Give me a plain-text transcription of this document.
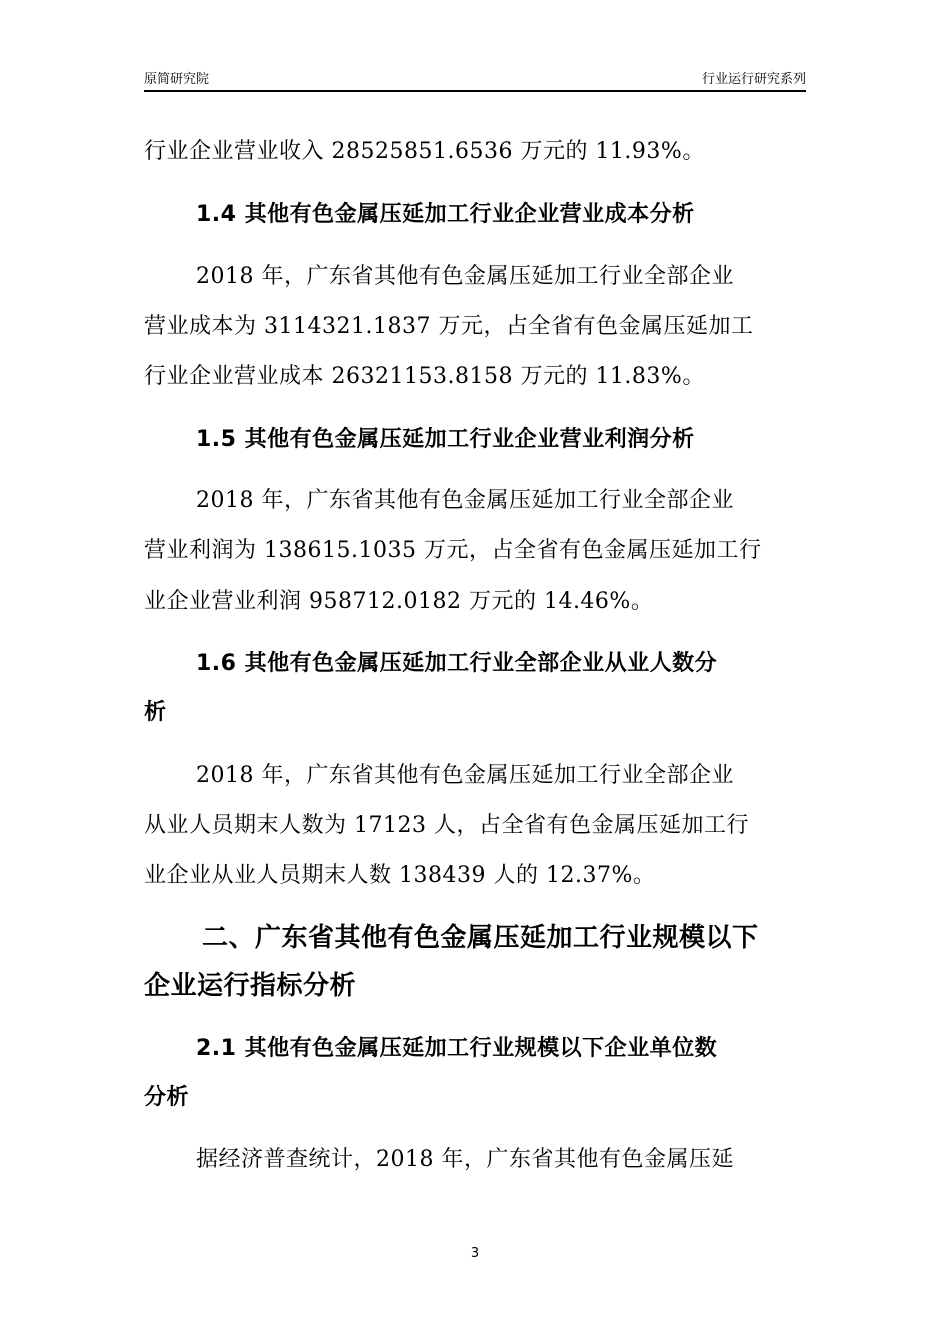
原简研究院	行业运行研究系列
行业企业营业收入 28525851.6536 万元的 11.93%。
1.4 其他有色金属压延加工行业企业营业成本分析
2018 年，广东省其他有色金属压延加工行业全部企业
营业成本为 3114321.1837 万元，占全省有色金属压延加工
行业企业营业成本 26321153.8158 万元的 11.83%。
1.5 其他有色金属压延加工行业企业营业利润分析
2018 年，广东省其他有色金属压延加工行业全部企业
营业利润为 138615.1035 万元，占全省有色金属压延加工行
业企业营业利润 958712.0182 万元的 14.46%。
1.6 其他有色金属压延加工行业全部企业从业人数分
析
2018 年，广东省其他有色金属压延加工行业全部企业
从业人员期末人数为 17123 人，占全省有色金属压延加工行
业企业从业人员期末人数 138439 人的 12.37%。
二、广东省其他有色金属压延加工行业规模以下
企业运行指标分析
2.1 其他有色金属压延加工行业规模以下企业单位数
分析
据经济普查统计，2018 年，广东省其他有色金属压延
3
